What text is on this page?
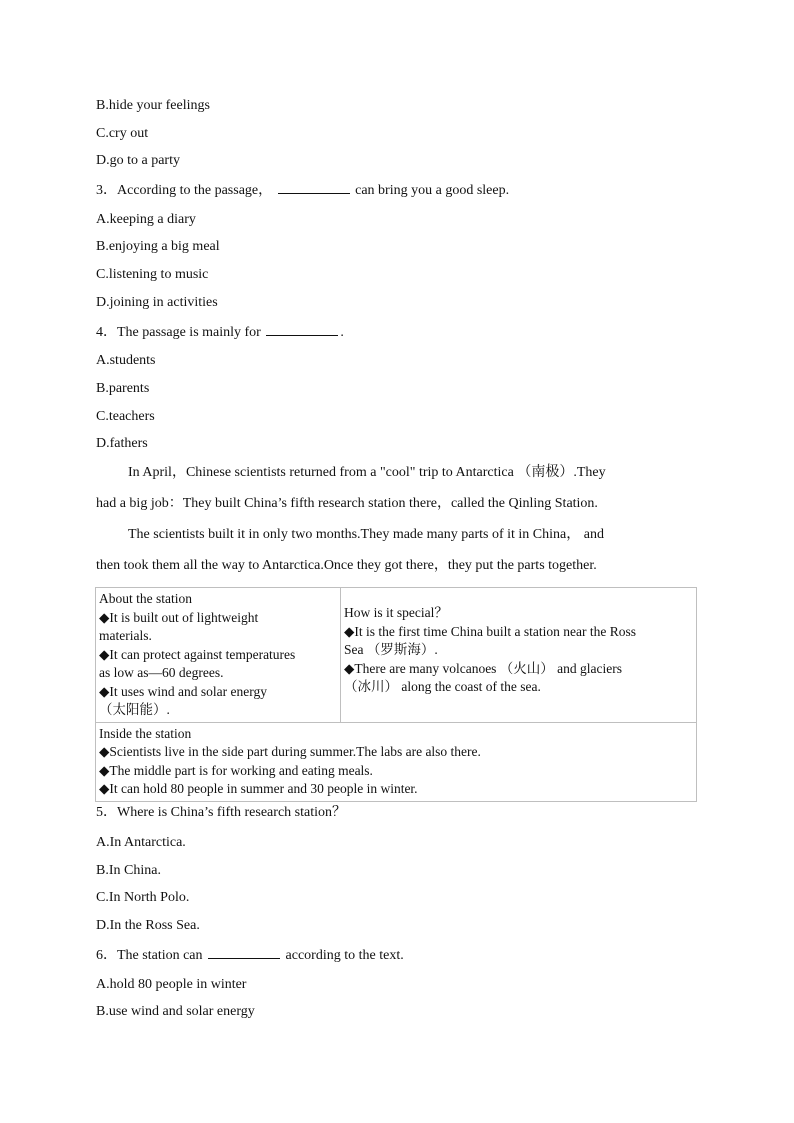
B.hide your feelings
C.cry out
D.go to a party
3．According to the passage，	can bring you a good sleep.
A.keeping a diary
B.enjoying a big meal
C.listening to music
D.joining in activities
4．The passage is mainly for	.
A.students
B.parents
C.teachers
D.fathers
In April，Chinese scientists returned from a "cool" trip to Antarctica （南极）.They
had a big job：They built China’s fifth research station there，called the Qinling Station.
The scientists built it in only two months.They made many parts of it in China， and
then took them all the way to Antarctica.Once they got there，they put the parts together.
About the station
◆It is built out of lightweight
materials.
◆It can protect against temperatures
as low as—60 degrees.
◆It uses wind and solar energy
（太阳能）.

How is it special？
◆It is the first time China built a station near the Ross
Sea （罗斯海）.
◆There are many volcanoes （火山） and glaciers
（冰川） along the coast of the sea.

Inside the station
◆Scientists live in the side part during summer.The labs are also there.
◆The middle part is for working and eating meals.
◆It can hold 80 people in summer and 30 people in winter.
5．Where is China’s fifth research station？
A.In Antarctica.
B.In China.
C.In North Polo.
D.In the Ross Sea.
6．The station can	according to the text.
A.hold 80 people in winter
B.use wind and solar energy
